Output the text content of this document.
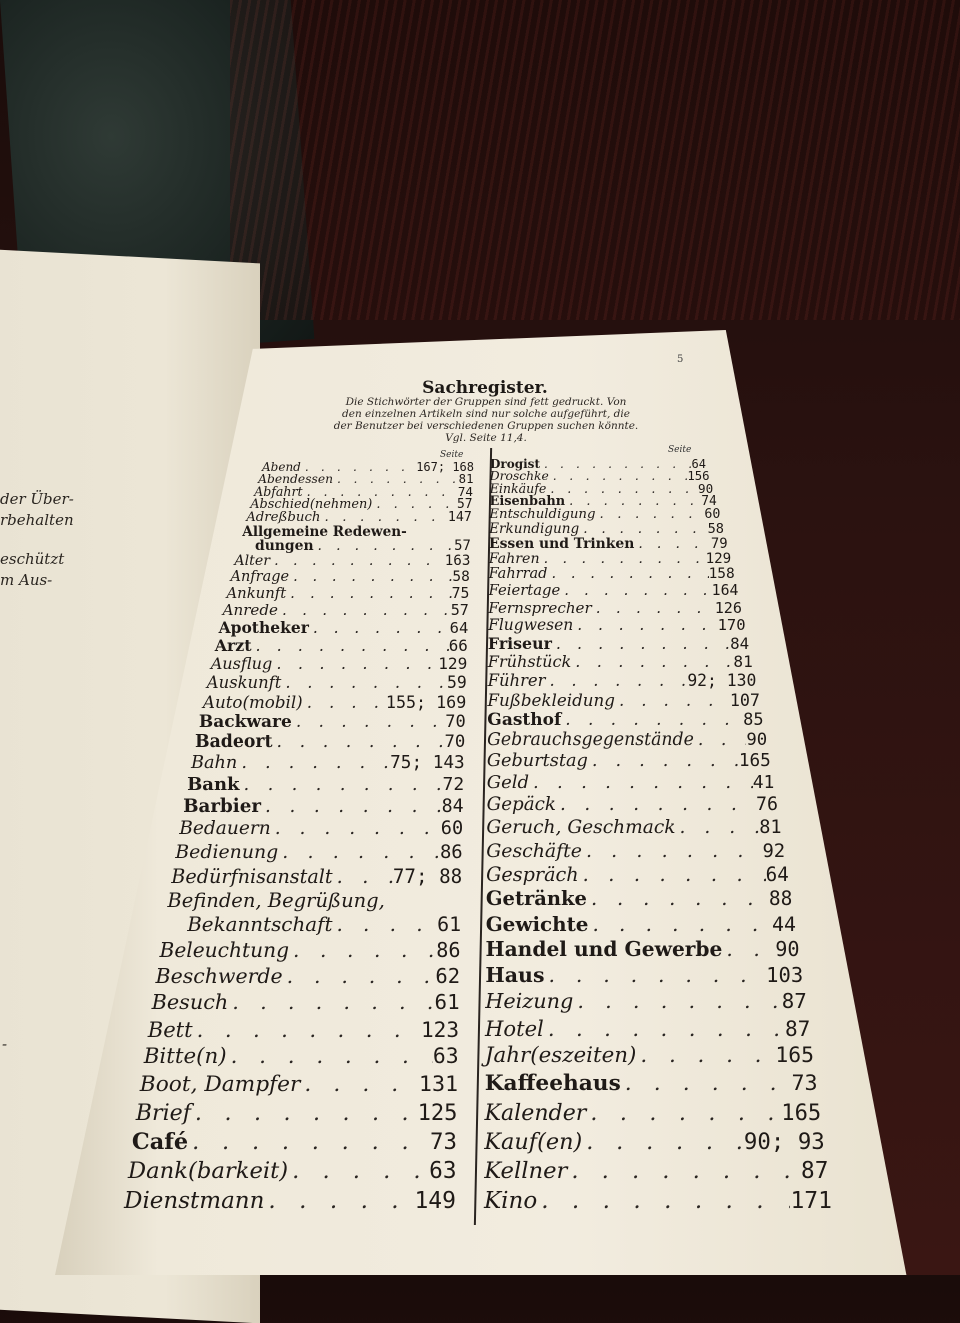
der Über-
rbehalten
eschützt
m Aus-
-
5
Sachregister.
Die Stichwörter der Gruppen sind fett gedruckt. Von
den einzelnen Artikeln sind nur solche aufgeführt, die
der Benutzer bei verschiedenen Gruppen suchen könnte.
Vgl. Seite 11,4.
Seite	Seite
Abend . . .	167; 168
Abendessen . . .	81
Abfahrt . . .	74
Abschied(nehmen) . . .	57
Adreßbuch . . .	147
Allgemeine Redewen-
dungen . . .	57
Alter . . .	163
Anfrage . . .	58
Ankunft . . .	75
Anrede . . .	57
Apotheker . . .	64
Arzt . . .	66
Ausflug . . .	129
Auskunft . . .	59
Auto(mobil) . . .	155; 169
Backware . . .	70
Badeort . . .	70
Bahn . . .	75; 143
Bank . . .	72
Barbier . . .	84
Bedauern . . .	60
Bedienung . . .	86
Bedürfnisanstalt . . .	77; 88
Befinden, Begrüßung,
Bekanntschaft . . .	61
Beleuchtung . . .	86
Beschwerde . . .	62
Besuch . . .	61
Bett . . .	123
Bitte(n) . . .	63
Boot, Dampfer . . .	131
Brief . . .	125
Café . . .	73
Dank(barkeit) . . .	63
Dienstmann . . .	149
Drogist . . .	64
Droschke . . .	156
Einkäufe . . .	90
Eisenbahn . . .	74
Entschuldigung . . .	60
Erkundigung . . .	58
Essen und Trinken . . .	79
Fahren . . .	129
Fahrrad . . .	158
Feiertage . . .	164
Fernsprecher . . .	126
Flugwesen . . .	170
Friseur . . .	84
Frühstück . . .	81
Führer . . .	92; 130
Fußbekleidung . . .	107
Gasthof . . .	85
Gebrauchsgegenstände . . .	90
Geburtstag . . .	165
Geld . . .	41
Gepäck . . .	76
Geruch, Geschmack . . .	81
Geschäfte . . .	92
Gespräch . . .	64
Getränke . . .	88
Gewichte . . .	44
Handel und Gewerbe . . .	90
Haus . . .	103
Heizung . . .	87
Hotel . . .	87
Jahr(eszeiten) . . .	165
Kaffeehaus . . .	73
Kalender . . .	165
Kauf(en) . . .	90; 93
Kellner . . .	87
Kino . . .	171
